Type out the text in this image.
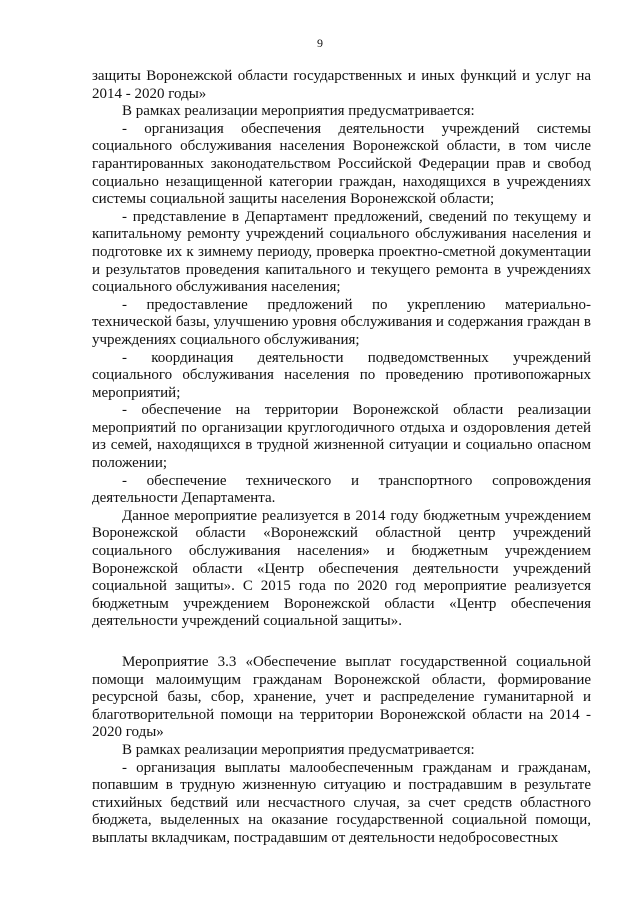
9

защиты Воронежской области государственных и иных функций и услуг на 2014 - 2020 годы»

В рамках реализации мероприятия предусматривается:

- организация обеспечения деятельности учреждений системы социального обслуживания населения Воронежской области, в том числе гарантированных законодательством Российской Федерации прав и свобод социально незащищенной категории граждан, находящихся в учреждениях системы социальной защиты населения Воронежской области;

- представление в Департамент предложений, сведений по текущему и капитальному ремонту учреждений социального обслуживания населения и подготовке их к зимнему периоду, проверка проектно-сметной документации и результатов проведения капитального и текущего ремонта в учреждениях социального обслуживания населения;

- предоставление предложений по укреплению материально-технической базы, улучшению уровня обслуживания и содержания граждан в учреждениях социального обслуживания;

- координация деятельности подведомственных учреждений социального обслуживания населения по проведению противопожарных мероприятий;

- обеспечение на территории Воронежской области реализации мероприятий по организации круглогодичного отдыха и оздоровления детей из семей, находящихся в трудной жизненной ситуации и социально опасном положении;

- обеспечение технического и транспортного сопровождения деятельности Департамента.

Данное мероприятие реализуется в 2014 году бюджетным учреждением Воронежской области «Воронежский областной центр учреждений социального обслуживания населения» и бюджетным учреждением Воронежской области «Центр обеспечения деятельности учреждений социальной защиты». С 2015 года по 2020 год мероприятие реализуется бюджетным учреждением Воронежской области «Центр обеспечения деятельности учреждений социальной защиты».

Мероприятие 3.3 «Обеспечение выплат государственной социальной помощи малоимущим гражданам Воронежской области, формирование ресурсной базы, сбор, хранение, учет и распределение гуманитарной и благотворительной помощи на территории Воронежской области на 2014 - 2020 годы»

В рамках реализации мероприятия предусматривается:

- организация выплаты малообеспеченным гражданам и гражданам, попавшим в трудную жизненную ситуацию и пострадавшим в результате стихийных бедствий или несчастного случая, за счет средств областного бюджета, выделенных на оказание государственной социальной помощи, выплаты вкладчикам, пострадавшим от деятельности недобросовестных
